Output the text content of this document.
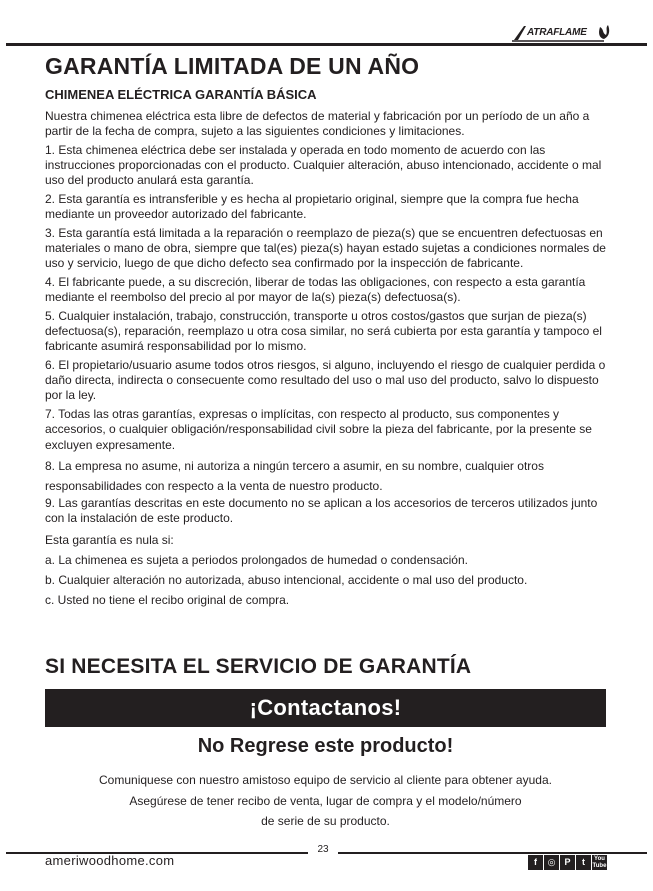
ATRAFLAME
GARANTÍA LIMITADA DE UN AÑO
CHIMENEA ELÉCTRICA GARANTÍA BÁSICA

Nuestra chimenea eléctrica esta libre de defectos de material y fabricación por un período de un año a partir de la fecha de compra, sujeto a las siguientes condiciones y limitaciones.

1. Esta chimenea eléctrica debe ser instalada y operada en todo momento de acuerdo con las instrucciones proporcionadas con el producto. Cualquier alteración, abuso intencionado, accidente o mal uso del producto anulará esta garantía.

2. Esta garantía es intransferible y es hecha al propietario original, siempre que la compra fue hecha mediante un proveedor autorizado del fabricante.

3. Esta garantía está limitada a la reparación o reemplazo de pieza(s) que se encuentren defectuosas en materiales o mano de obra, siempre que tal(es) pieza(s) hayan estado sujetas a condiciones normales de uso y servicio, luego de que dicho defecto sea confirmado por la inspección de fabricante.

4. El fabricante puede, a su discreción, liberar de todas las obligaciones, con respecto a esta garantía mediante el reembolso del precio al por mayor de la(s) pieza(s) defectuosa(s).

5. Cualquier instalación, trabajo, construcción, transporte u otros costos/gastos que surjan de pieza(s) defectuosa(s), reparación, reemplazo u otra cosa similar, no será cubierta por esta garantía y tampoco el fabricante asumirá responsabilidad por lo mismo.

6. El propietario/usuario asume todos otros riesgos, si alguno, incluyendo el riesgo de cualquier perdida o daño directa, indirecta o consecuente como resultado del uso o mal uso del producto, salvo lo dispuesto por la ley.

7. Todas las otras garantías, expresas o implícitas, con respecto al producto, sus componentes y accesorios, o cualquier obligación/responsabilidad civil sobre la pieza del fabricante, por la presente se excluyen expresamente.

8. La empresa no asume, ni autoriza a ningún tercero a asumir, en su nombre, cualquier otros responsabilidades con respecto a la venta de nuestro producto.

9. Las garantías descritas en este documento no se aplican a los accesorios de terceros utilizados junto con la instalación de este producto.

Esta garantía es nula si:

a. La chimenea es sujeta a periodos prolongados de humedad o condensación.

b. Cualquier alteración no autorizada, abuso intencional, accidente o mal uso del producto.

c. Usted no tiene el recibo original de compra.

SI NECESITA EL SERVICIO DE GARANTÍA
¡Contactanos!
No Regrese este producto!
Comuniquese con nuestro amistoso equipo de servicio al cliente para obtener ayuda.
Asegúrese de tener recibo de venta, lugar de compra y el modelo/número
de serie de su producto.
23
ameriwoodhome.com	f	◎	P	t	You
Tube
